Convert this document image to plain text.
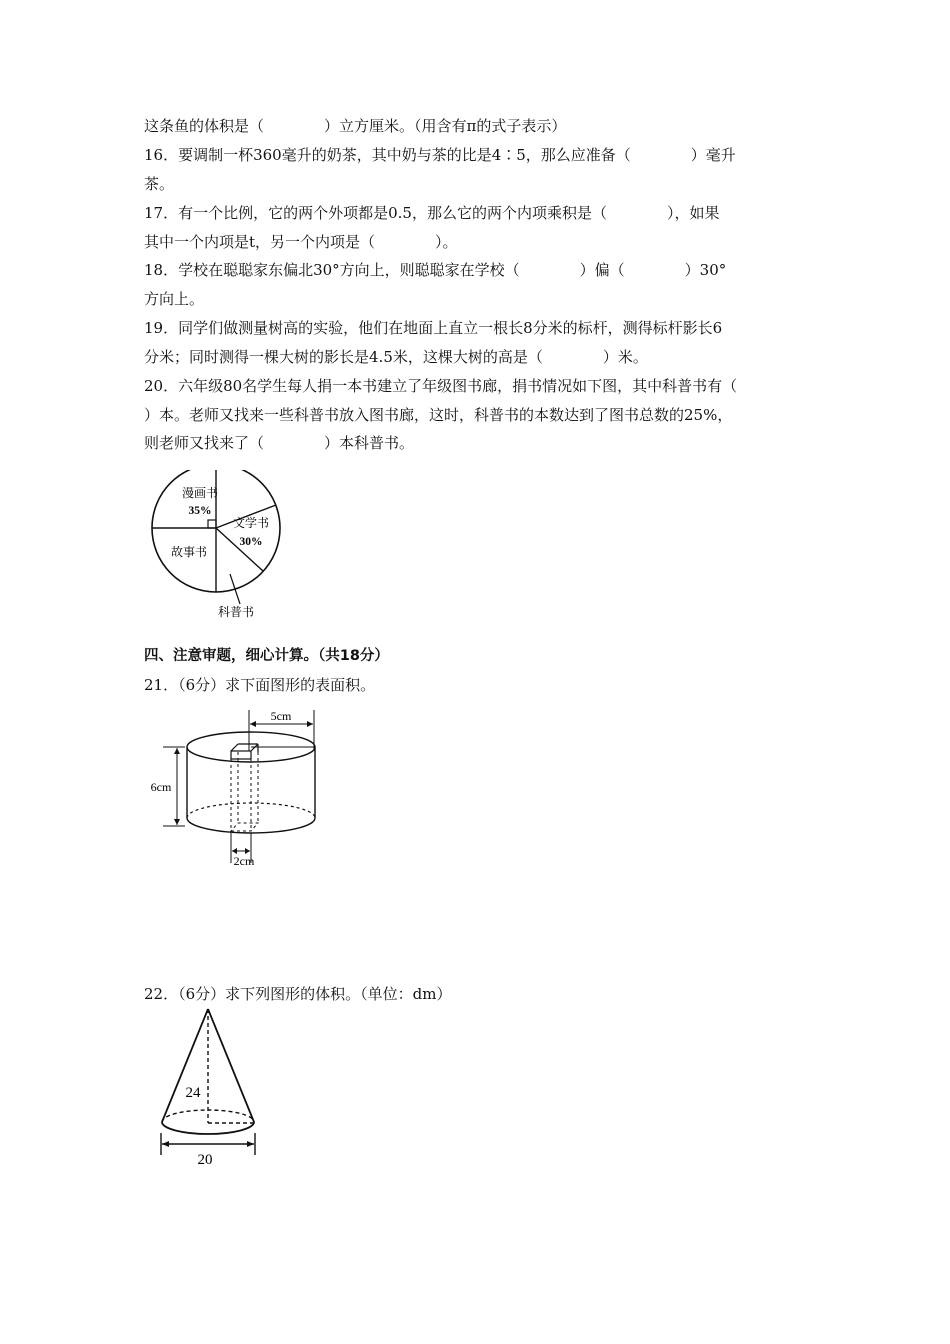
这条鱼的体积是（　　　　）立方厘米。（用含有π的式子表示）
16．要调制一杯360毫升的奶茶，其中奶与茶的比是4∶5，那么应准备（　　　　）毫升
茶。
17．有一个比例，它的两个外项都是0.5，那么它的两个内项乘积是（　　　　），如果
其中一个内项是t，另一个内项是（　　　　）。
18．学校在聪聪家东偏北30°方向上，则聪聪家在学校（　　　　）偏（　　　　）30°
方向上。
19．同学们做测量树高的实验，他们在地面上直立一根长8分米的标杆，测得标杆影长6
分米；同时测得一棵大树的影长是4.5米，这棵大树的高是（　　　　）米。
20．六年级80名学生每人捐一本书建立了年级图书廊，捐书情况如下图，其中科普书有（
）本。老师又找来一些科普书放入图书廊，这时，科普书的本数达到了图书总数的25%，
则老师又找来了（　　　　）本科普书。
漫画书
35%
文学书
30%
故事书
科普书
四、注意审题，细心计算。（共18分）
21．（6分）求下面图形的表面积。
5cm
6cm
2cm
22．（6分）求下列图形的体积。（单位：dm）
24
20
